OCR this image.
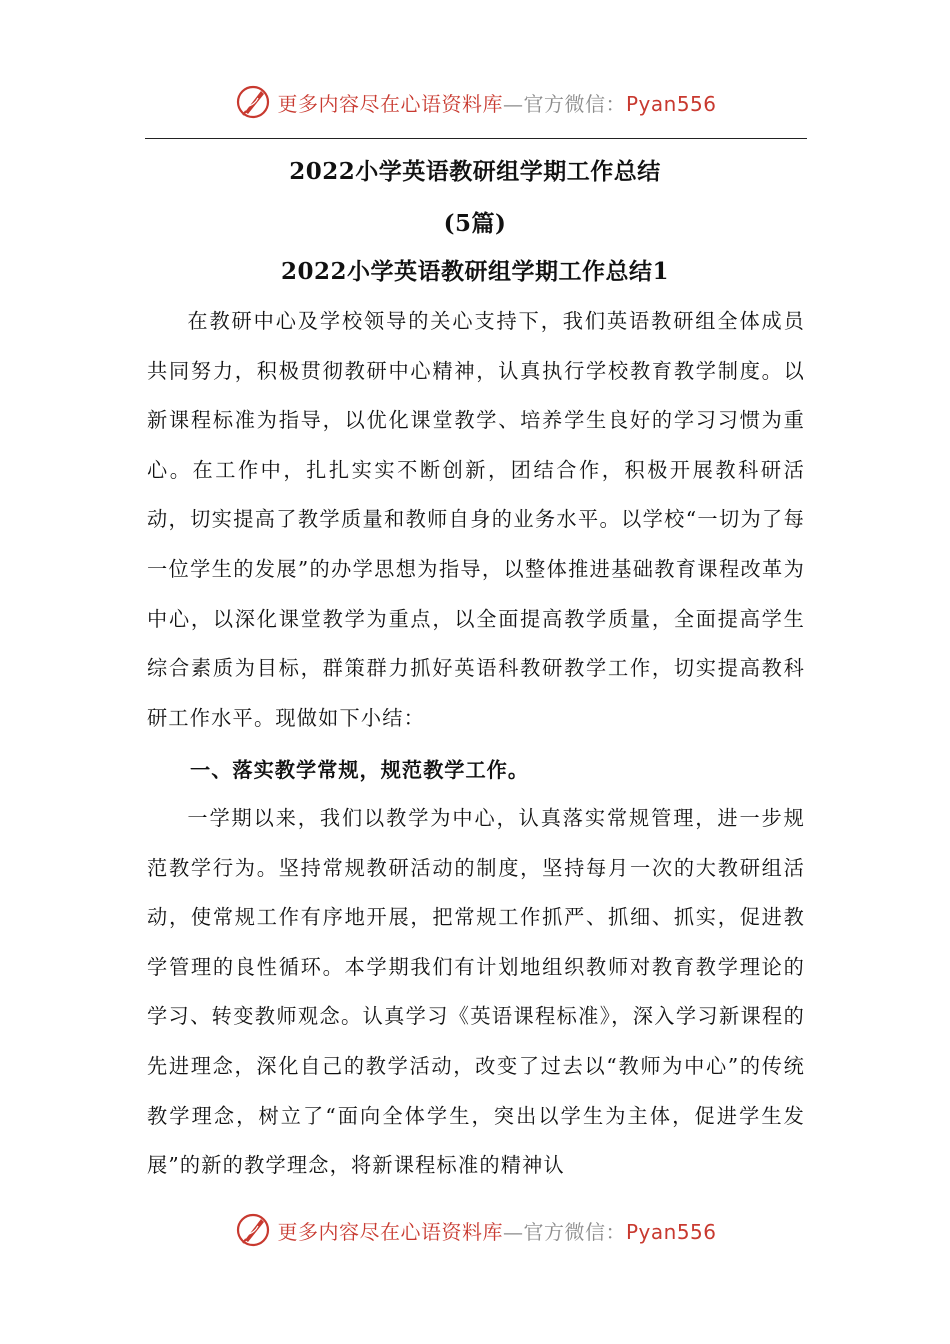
更多内容尽在心语资料库—官方微信：Pyan556
2022小学英语教研组学期工作总结
(5篇)
2022小学英语教研组学期工作总结1

在教研中心及学校领导的关心支持下，我们英语教研组全体成员共同努力，积极贯彻教研中心精神，认真执行学校教育教学制度。以新课程标准为指导，以优化课堂教学、培养学生良好的学习习惯为重心。在工作中，扎扎实实不断创新，团结合作，积极开展教科研活动，切实提高了教学质量和教师自身的业务水平。以学校“一切为了每一位学生的发展”的办学思想为指导，以整体推进基础教育课程改革为中心，以深化课堂教学为重点，以全面提高教学质量，全面提高学生综合素质为目标，群策群力抓好英语科教研教学工作，切实提高教科研工作水平。现做如下小结：

一、落实教学常规，规范教学工作。

一学期以来，我们以教学为中心，认真落实常规管理，进一步规范教学行为。坚持常规教研活动的制度，坚持每月一次的大教研组活动，使常规工作有序地开展，把常规工作抓严、抓细、抓实，促进教学管理的良性循环。本学期我们有计划地组织教师对教育教学理论的学习、转变教师观念。认真学习《英语课程标准》，深入学习新课程的先进理念，深化自己的教学活动，改变了过去以“教师为中心”的传统教学理念，树立了“面向全体学生，突出以学生为主体，促进学生发展”的新的教学理念，将新课程标准的精神认

更多内容尽在心语资料库—官方微信：Pyan556
